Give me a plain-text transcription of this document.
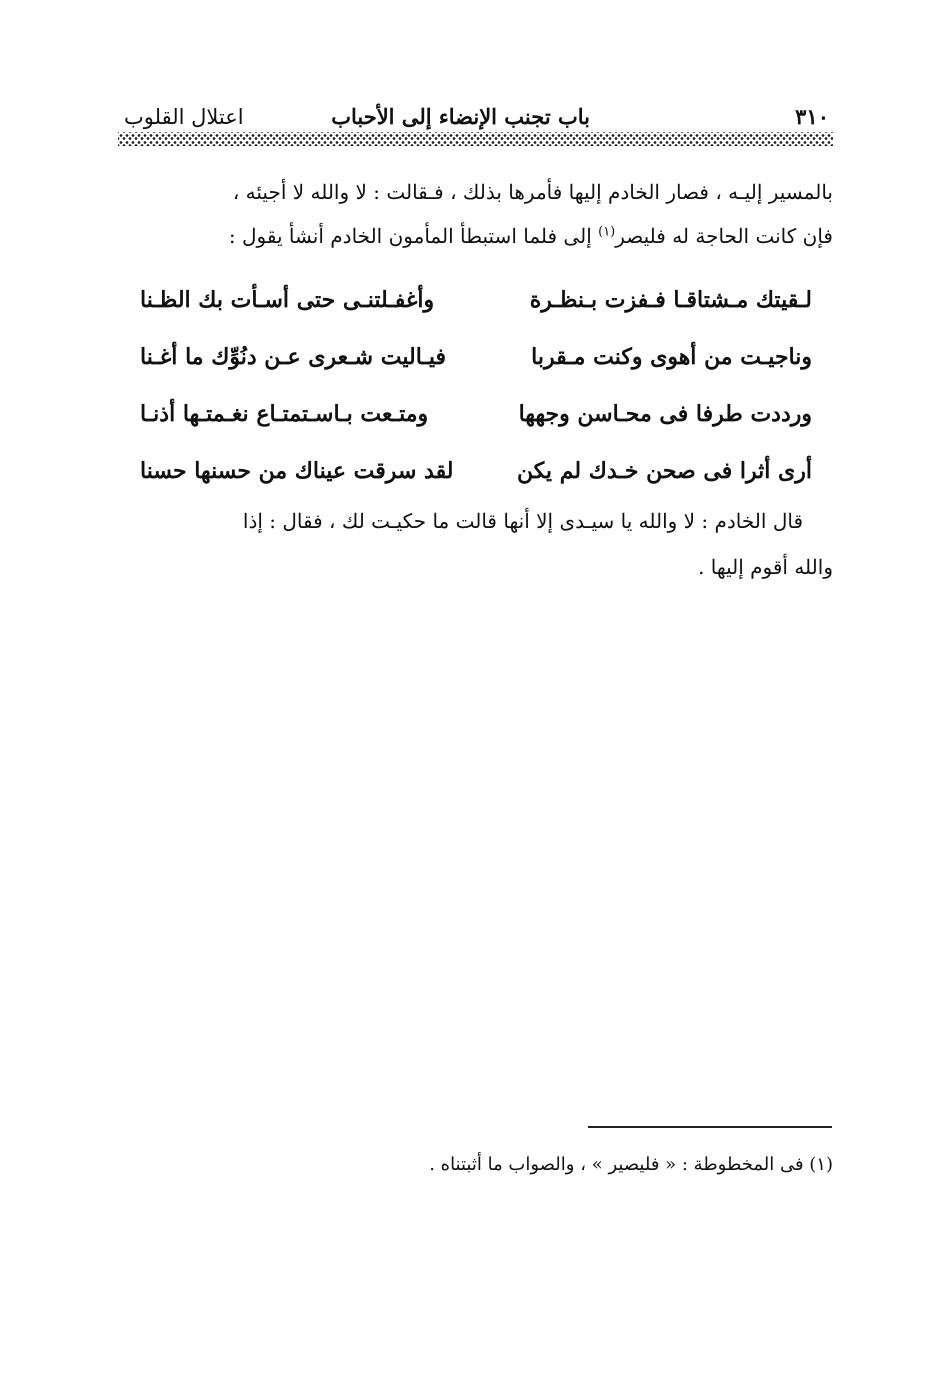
٣١٠
باب تجنب الإنضاء إلى الأحباب
اعتلال القلوب
بالمسير إليـه ، فصار الخادم إليها فأمرها بذلك ، فـقالت : لا والله لا أجيئه ،
فإن كانت الحاجة له فليصر$^{(١)}$ إلى فلما استبطأ المأمون الخادم أنشأ يقول :
لـقيتك مـشتاقـا فـفزت بـنظـرة
وأغفـلتنـى حتى أسـأت بك الظـنا
وناجيـت من أهوى وكنت مـقربا
فيـاليت شـعرى عـن دنُوِّك ما أغـنا
ورددت طرفا فى محـاسن وجهها
ومتـعت بـاسـتمتـاع نغـمتـها أذنـا
أرى أثرا فى صحن خـدك لم يكن
لقد سرقت عيناك من حسنها حسنا
قال الخادم : لا والله يا سيـدى إلا أنها قالت ما حكيـت لك ، فقال : إذا
والله أقوم إليها .
(١) فى المخطوطة : « فليصير » ، والصواب ما أثبتناه .
